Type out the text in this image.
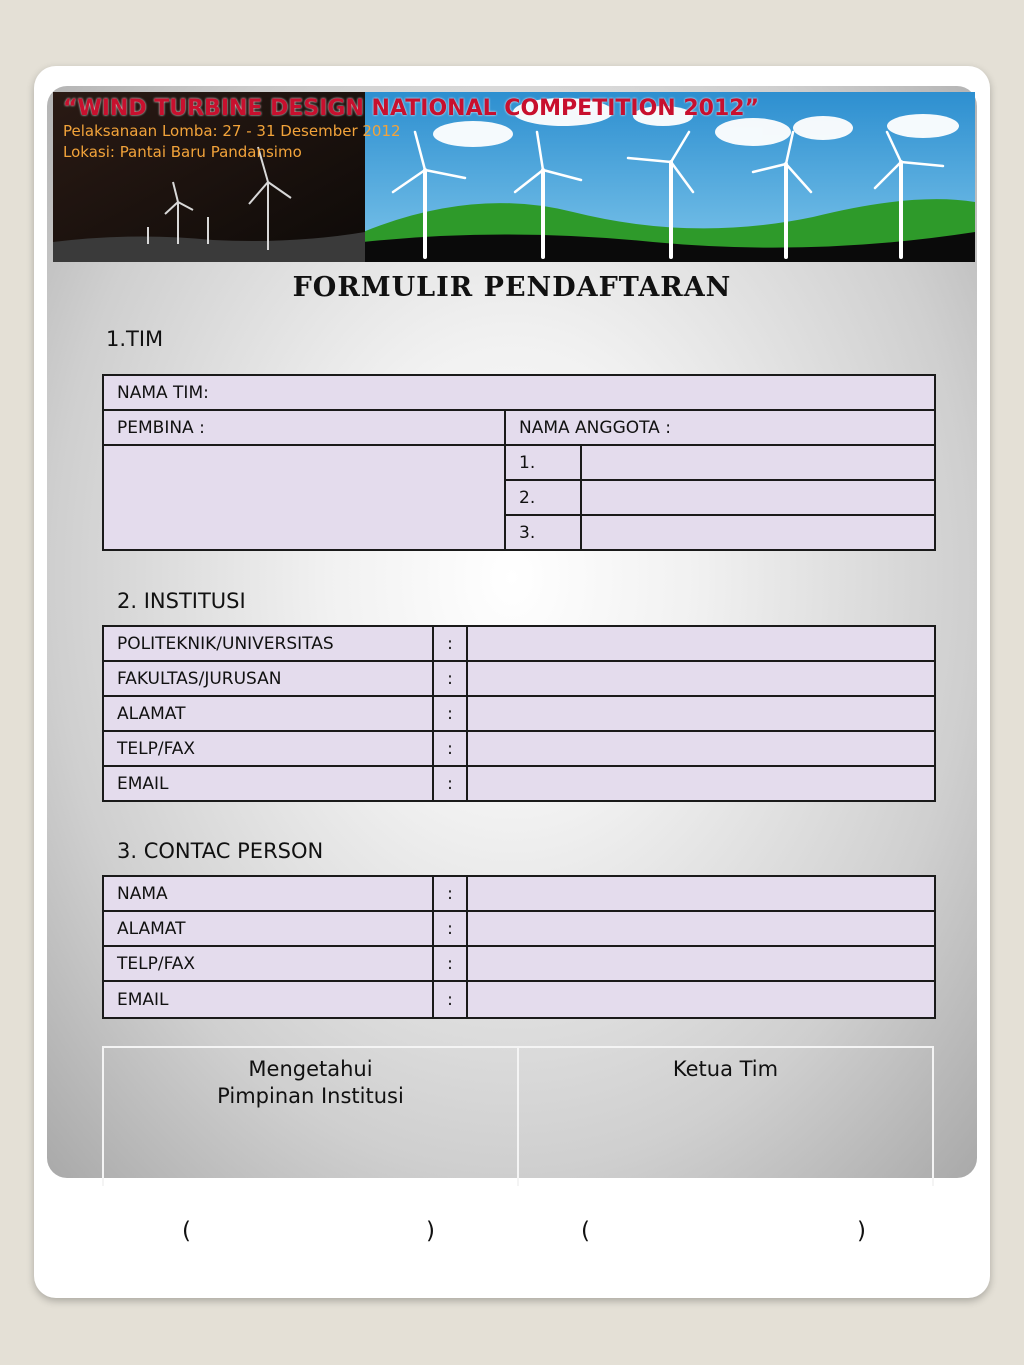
“WIND TURBINE DESIGN NATIONAL COMPETITION 2012”
Pelaksanaan Lomba: 27 - 31 Desember 2012
Lokasi: Pantai Baru Pandansimo
FORMULIR PENDAFTARAN
1.TIM
NAMA TIM:		
PEMBINA :	NAMA ANGGOTA :	
	1.	
	2.	
	3.	
2. INSTITUSI
POLITEKNIK/UNIVERSITAS	:	
FAKULTAS/JURUSAN	:	
ALAMAT	:	
TELP/FAX	:	
EMAIL	:	
3. CONTAC PERSON
NAMA	:	
ALAMAT	:	
TELP/FAX	:	
EMAIL	:	
Mengetahui
Pimpinan Institusi
Ketua Tim
(	)	(	)
